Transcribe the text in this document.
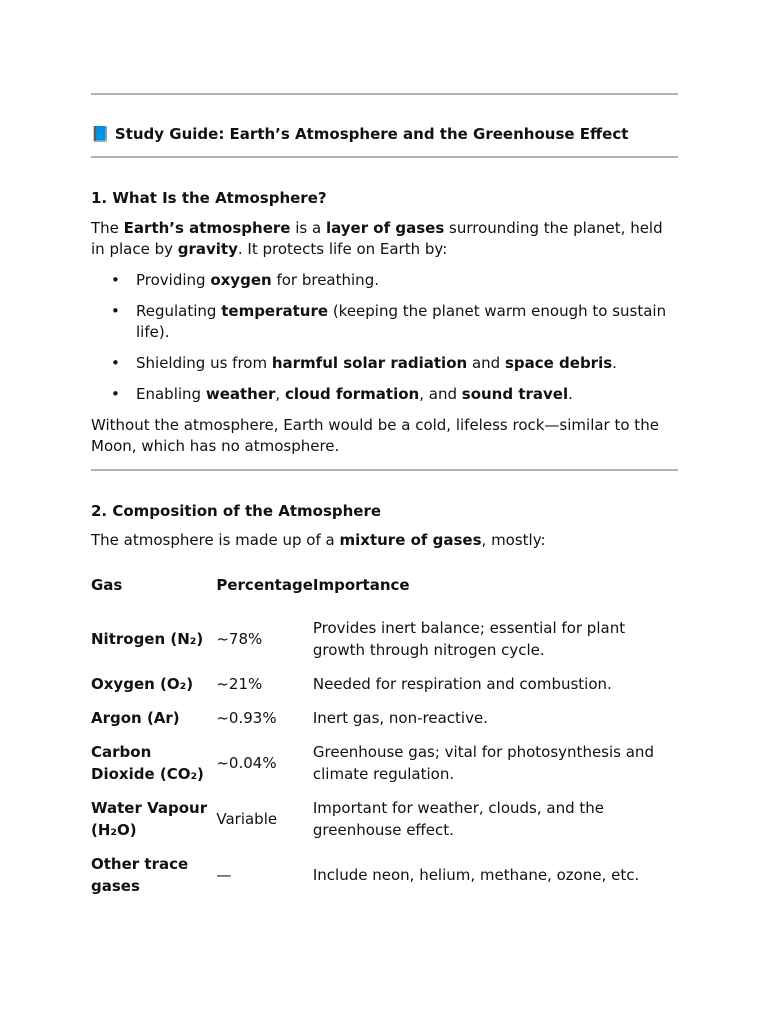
📘 Study Guide: Earth’s Atmosphere and the Greenhouse Effect
1. What Is the Atmosphere?

The Earth’s atmosphere is a layer of gases surrounding the planet, held in place by gravity. It protects life on Earth by:

• Providing oxygen for breathing.
• Regulating temperature (keeping the planet warm enough to sustain life).
• Shielding us from harmful solar radiation and space debris.
• Enabling weather, cloud formation, and sound travel.

Without the atmosphere, Earth would be a cold, lifeless rock—similar to the Moon, which has no atmosphere.

2. Composition of the Atmosphere

The atmosphere is made up of a mixture of gases, mostly:

Gas	Percentage	Importance
Nitrogen (N₂)	~78%	Provides inert balance; essential for plant growth through nitrogen cycle.
Oxygen (O₂)	~21%	Needed for respiration and combustion.
Argon (Ar)	~0.93%	Inert gas, non-reactive.
Carbon Dioxide (CO₂)	~0.04%	Greenhouse gas; vital for photosynthesis and climate regulation.
Water Vapour (H₂O)	Variable	Important for weather, clouds, and the greenhouse effect.
Other trace gases	—	Include neon, helium, methane, ozone, etc.
